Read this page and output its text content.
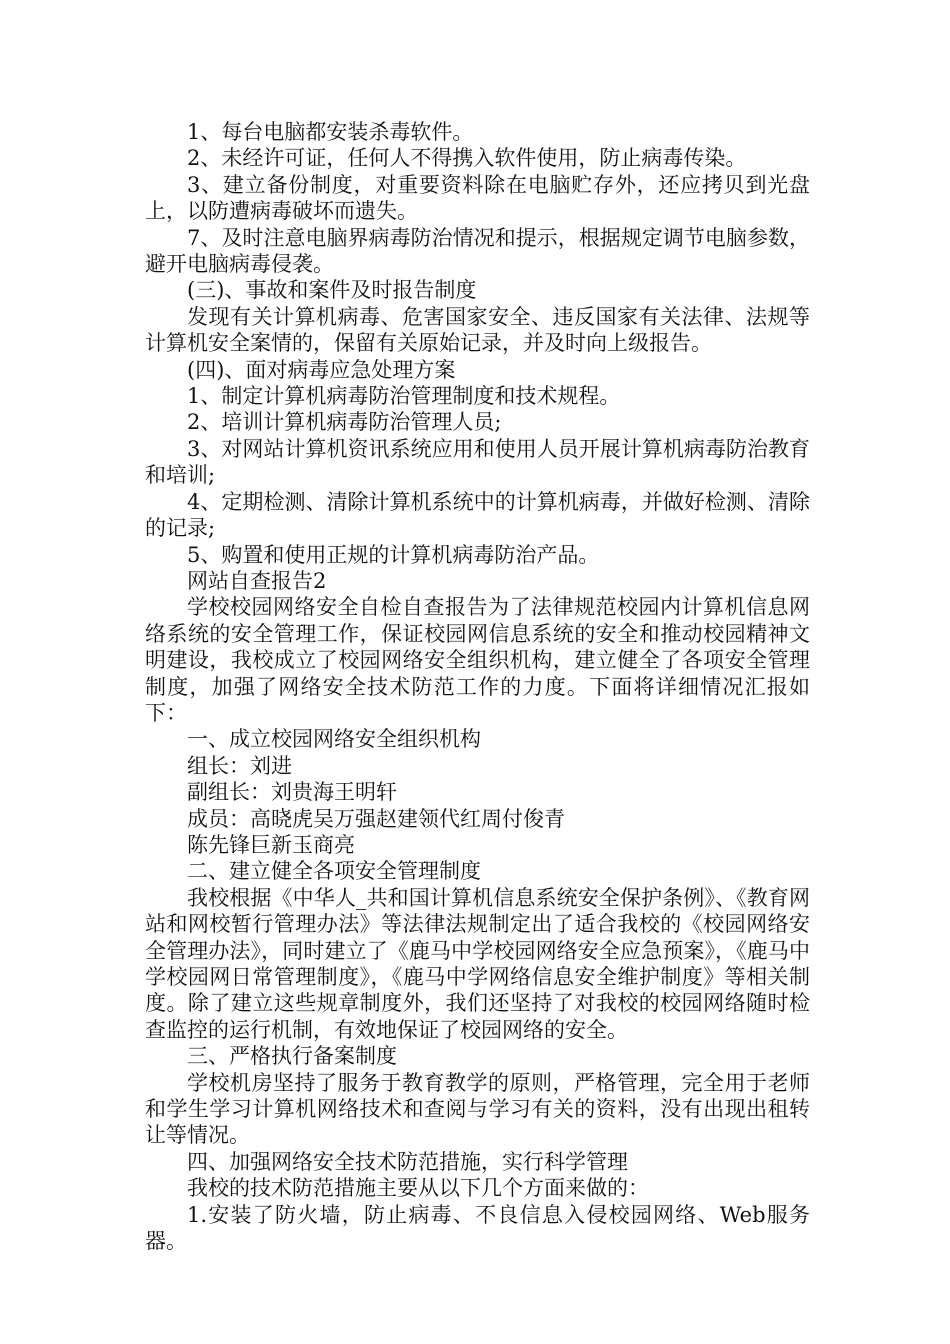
1、每台电脑都安装杀毒软件。

2、未经许可证，任何人不得携入软件使用，防止病毒传染。

3、建立备份制度，对重要资料除在电脑贮存外，还应拷贝到光盘上，以防遭病毒破坏而遗失。

7、及时注意电脑界病毒防治情况和提示，根据规定调节电脑参数，避开电脑病毒侵袭。

(三)、事故和案件及时报告制度

发现有关计算机病毒、危害国家安全、违反国家有关法律、法规等计算机安全案情的，保留有关原始记录，并及时向上级报告。

(四)、面对病毒应急处理方案

1、制定计算机病毒防治管理制度和技术规程。

2、培训计算机病毒防治管理人员;

3、对网站计算机资讯系统应用和使用人员开展计算机病毒防治教育和培训;

4、定期检测、清除计算机系统中的计算机病毒，并做好检测、清除的记录;

5、购置和使用正规的计算机病毒防治产品。

网站自查报告2

学校校园网络安全自检自查报告为了法律规范校园内计算机信息网络系统的安全管理工作，保证校园网信息系统的安全和推动校园精神文明建设，我校成立了校园网络安全组织机构，建立健全了各项安全管理制度，加强了网络安全技术防范工作的力度。下面将详细情况汇报如下：

一、成立校园网络安全组织机构

组长：刘进

副组长：刘贵海王明轩

成员：高晓虎吴万强赵建领代红周付俊青

陈先锋巨新玉商亮

二、建立健全各项安全管理制度

我校根据《中华人_共和国计算机信息系统安全保护条例》、《教育网站和网校暂行管理办法》等法律法规制定出了适合我校的《校园网络安全管理办法》，同时建立了《鹿马中学校园网络安全应急预案》，《鹿马中学校园网日常管理制度》，《鹿马中学网络信息安全维护制度》等相关制度。除了建立这些规章制度外，我们还坚持了对我校的校园网络随时检查监控的运行机制，有效地保证了校园网络的安全。

三、严格执行备案制度

学校机房坚持了服务于教育教学的原则，严格管理，完全用于老师和学生学习计算机网络技术和查阅与学习有关的资料，没有出现出租转让等情况。

四、加强网络安全技术防范措施，实行科学管理

我校的技术防范措施主要从以下几个方面来做的：

1.安装了防火墙，防止病毒、不良信息入侵校园网络、Web服务器。
